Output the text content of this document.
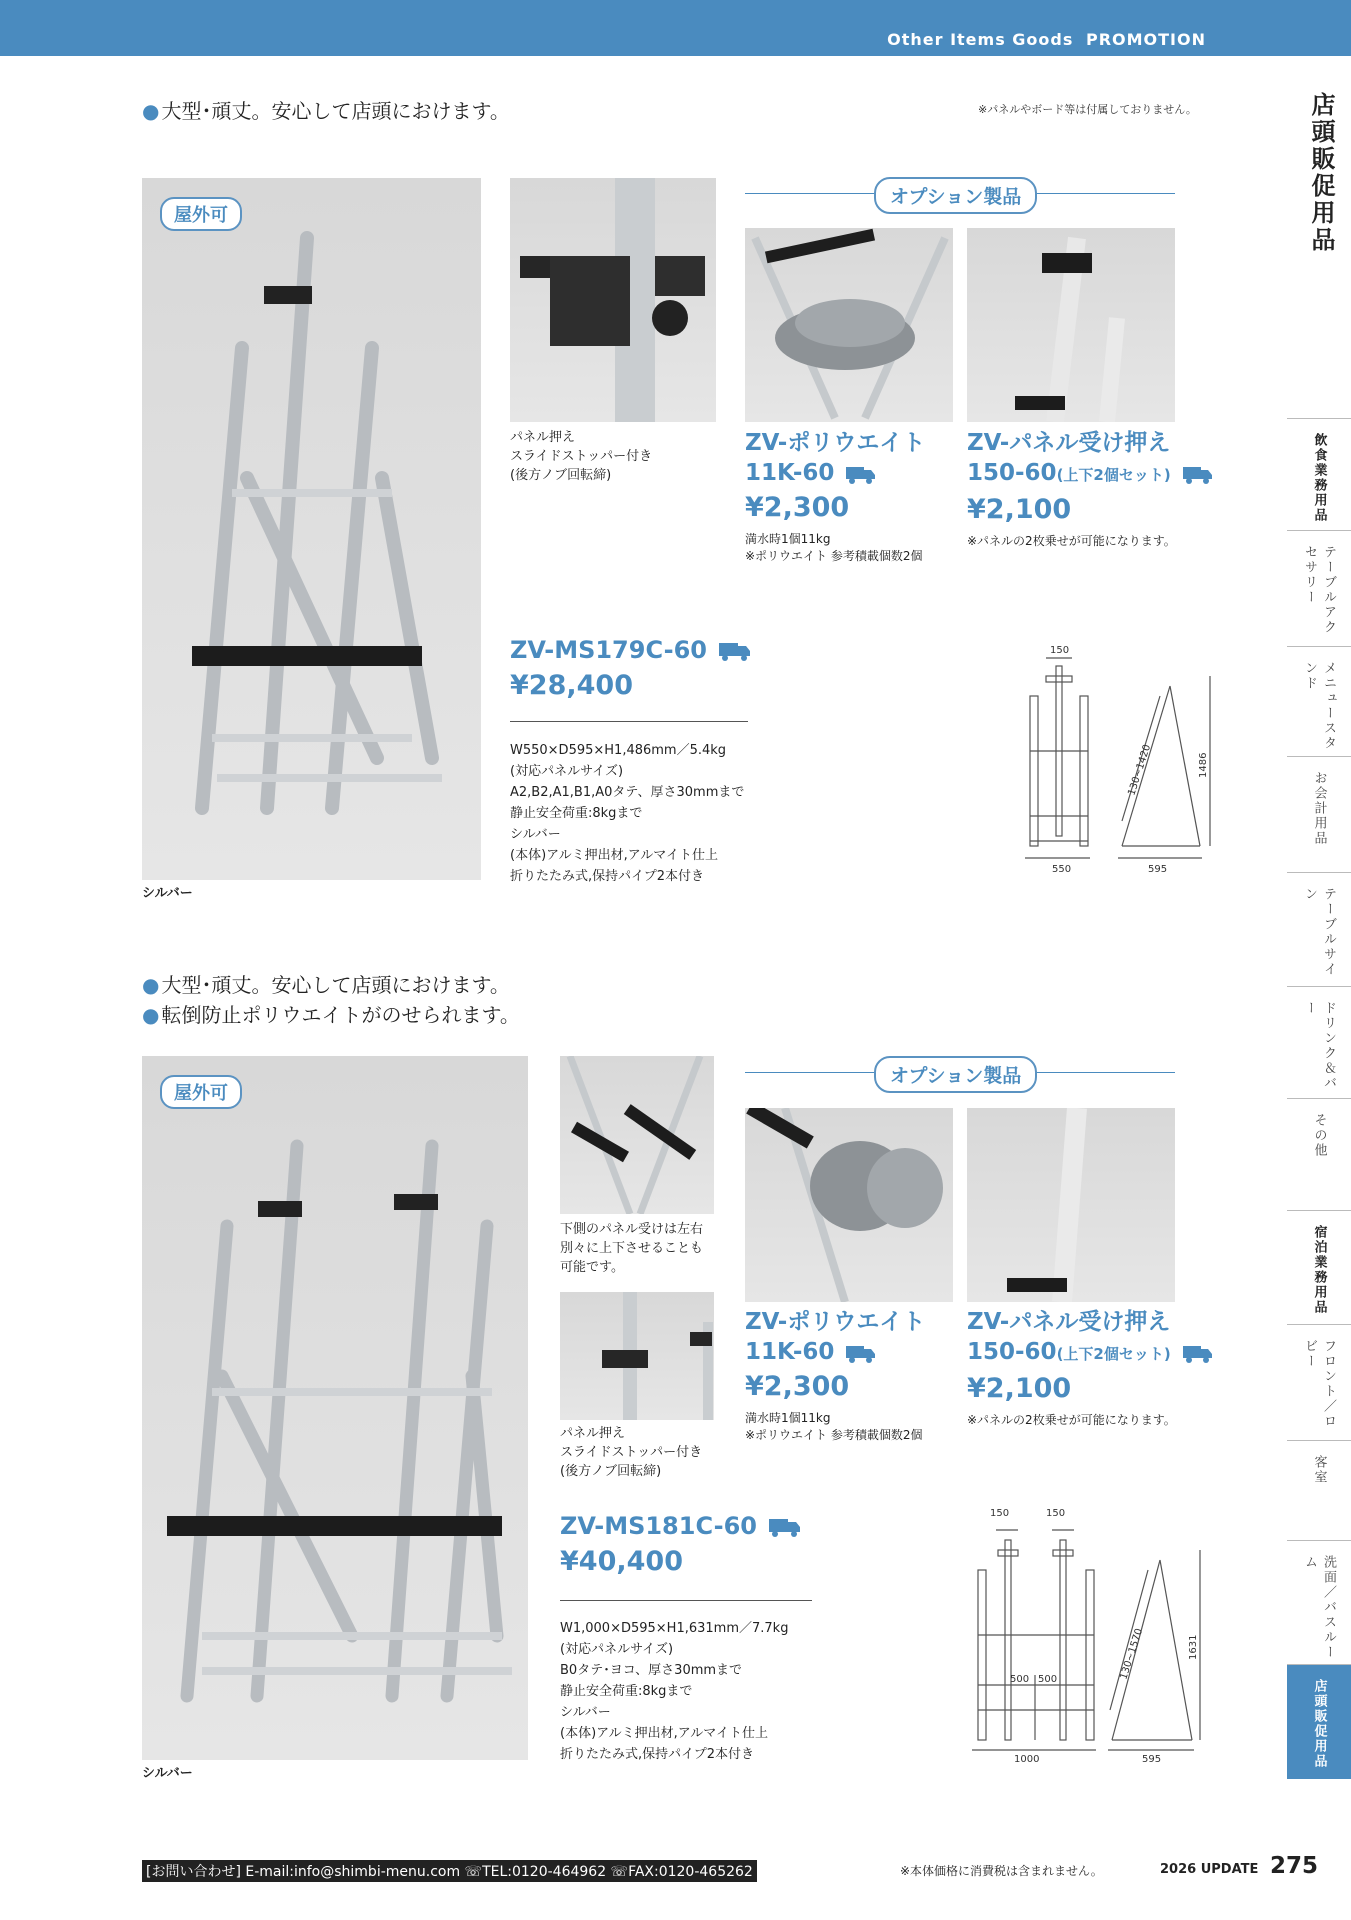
Other Items Goods PROMOTION
店頭販促用品
飲食業務用品
テーブルアクセサリー
メニュースタンド
お会計用品
テーブルサイン
ドリンク＆バー
その他
宿泊業務用品
フロント／ロビー
客室
洗面／バスルーム
店頭販促用品
● 大型･頑丈。安心して店頭におけます。	※パネルやボード等は付属しておりません。
屋外可
シルバー
パネル押え
スライドストッパー付き
(後方ノブ回転締)
オプション製品
ZV-ポリウエイト
11K-60
¥2,300
満水時1個11kg
※ポリウエイト 参考積載個数2個
ZV-パネル受け押え
150-60(上下2個セット)
¥2,100
※パネルの2枚乗せが可能になります。
ZV-MS179C-60
¥28,400
W550×D595×H1,486mm／5.4kg
(対応パネルサイズ)
A2,B2,A1,B1,A0タテ、厚さ30mmまで
静止安全荷重:8kgまで
シルバー
(本体)アルミ押出材,アルマイト仕上
折りたたみ式,保持パイプ2本付き
150
550	595
1486
130~1420
● 大型･頑丈。安心して店頭におけます。
● 転倒防止ポリウエイトがのせられます。
屋外可
シルバー
下側のパネル受けは左右
別々に上下させることも
可能です。
パネル押え
スライドストッパー付き
(後方ノブ回転締)
オプション製品
ZV-ポリウエイト
11K-60
¥2,300
満水時1個11kg
※ポリウエイト 参考積載個数2個
ZV-パネル受け押え
150-60(上下2個セット)
¥2,100
※パネルの2枚乗せが可能になります。
ZV-MS181C-60
¥40,400
W1,000×D595×H1,631mm／7.7kg
(対応パネルサイズ)
B0タテ･ヨコ、厚さ30mmまで
静止安全荷重:8kgまで
シルバー
(本体)アルミ押出材,アルマイト仕上
折りたたみ式,保持パイプ2本付き
150	150
500 500
1000	595
1631
130~1570
[お問い合わせ] E-mail:info@shimbi-menu.com ☏TEL:0120-464962 ☏FAX:0120-465262	※本体価格に消費税は含まれません。	2026 UPDATE 275
